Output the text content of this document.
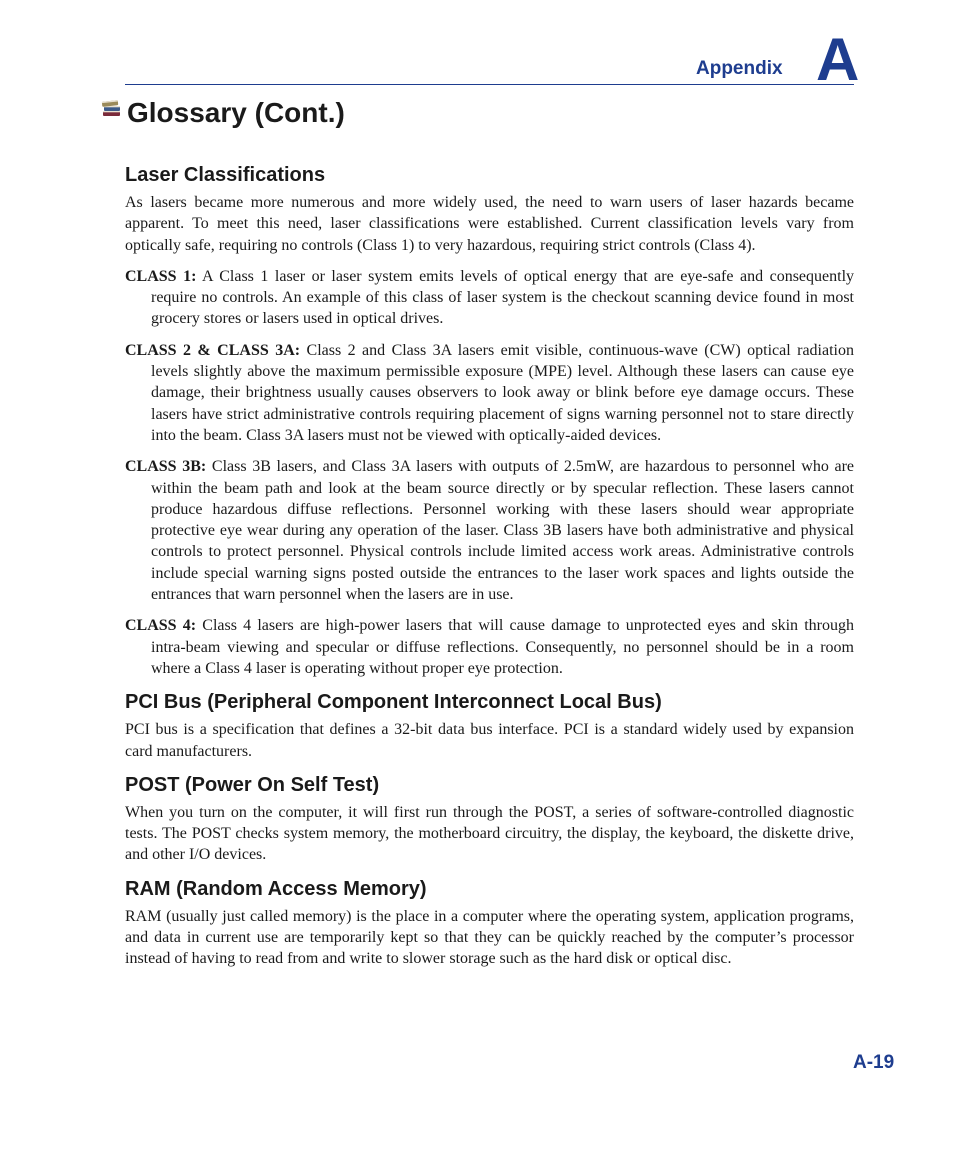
Appendix A
Glossary (Cont.)
Laser Classifications

As lasers became more numerous and more widely used, the need to warn users of laser hazards became apparent. To meet this need, laser classifications were established. Current classification levels vary from optically safe, requiring no controls (Class 1) to very hazardous, requiring strict controls (Class 4).

CLASS 1: A Class 1 laser or laser system emits levels of optical energy that are eye-safe and consequently require no controls. An example of this class of laser system is the checkout scanning device found in most grocery stores or lasers used in optical drives.

CLASS 2 & CLASS 3A: Class 2 and Class 3A lasers emit visible, continuous-wave (CW) optical radiation levels slightly above the maximum permissible exposure (MPE) level. Although these lasers can cause eye damage, their brightness usually causes observers to look away or blink before eye damage occurs. These lasers have strict administrative controls requiring placement of signs warning personnel not to stare directly into the beam. Class 3A lasers must not be viewed with optically-aided devices.

CLASS 3B: Class 3B lasers, and Class 3A lasers with outputs of 2.5mW, are hazardous to personnel who are within the beam path and look at the beam source directly or by specular reflection. These lasers cannot produce hazardous diffuse reflections. Personnel working with these lasers should wear appropriate protective eye wear during any operation of the laser. Class 3B lasers have both administrative and physical controls to protect personnel. Physical controls include limited access work areas. Administrative controls include special warning signs posted outside the entrances to the laser work spaces and lights outside the entrances that warn personnel when the lasers are in use.

CLASS 4: Class 4 lasers are high-power lasers that will cause damage to unprotected eyes and skin through intra-beam viewing and specular or diffuse reflections. Consequently, no personnel should be in a room where a Class 4 laser is operating without proper eye protection.

PCI Bus (Peripheral Component Interconnect Local Bus)

PCI bus is a specification that defines a 32-bit data bus interface. PCI is a standard widely used by expansion card manufacturers.

POST (Power On Self Test)

When you turn on the computer, it will first run through the POST, a series of software-controlled diagnostic tests. The POST checks system memory, the motherboard circuitry, the display, the keyboard, the diskette drive, and other I/O devices.

RAM (Random Access Memory)

RAM (usually just called memory) is the place in a computer where the operating system, application programs, and data in current use are temporarily kept so that they can be quickly reached by the computer’s processor instead of having to read from and write to slower storage such as the hard disk or optical disc.

A-19
